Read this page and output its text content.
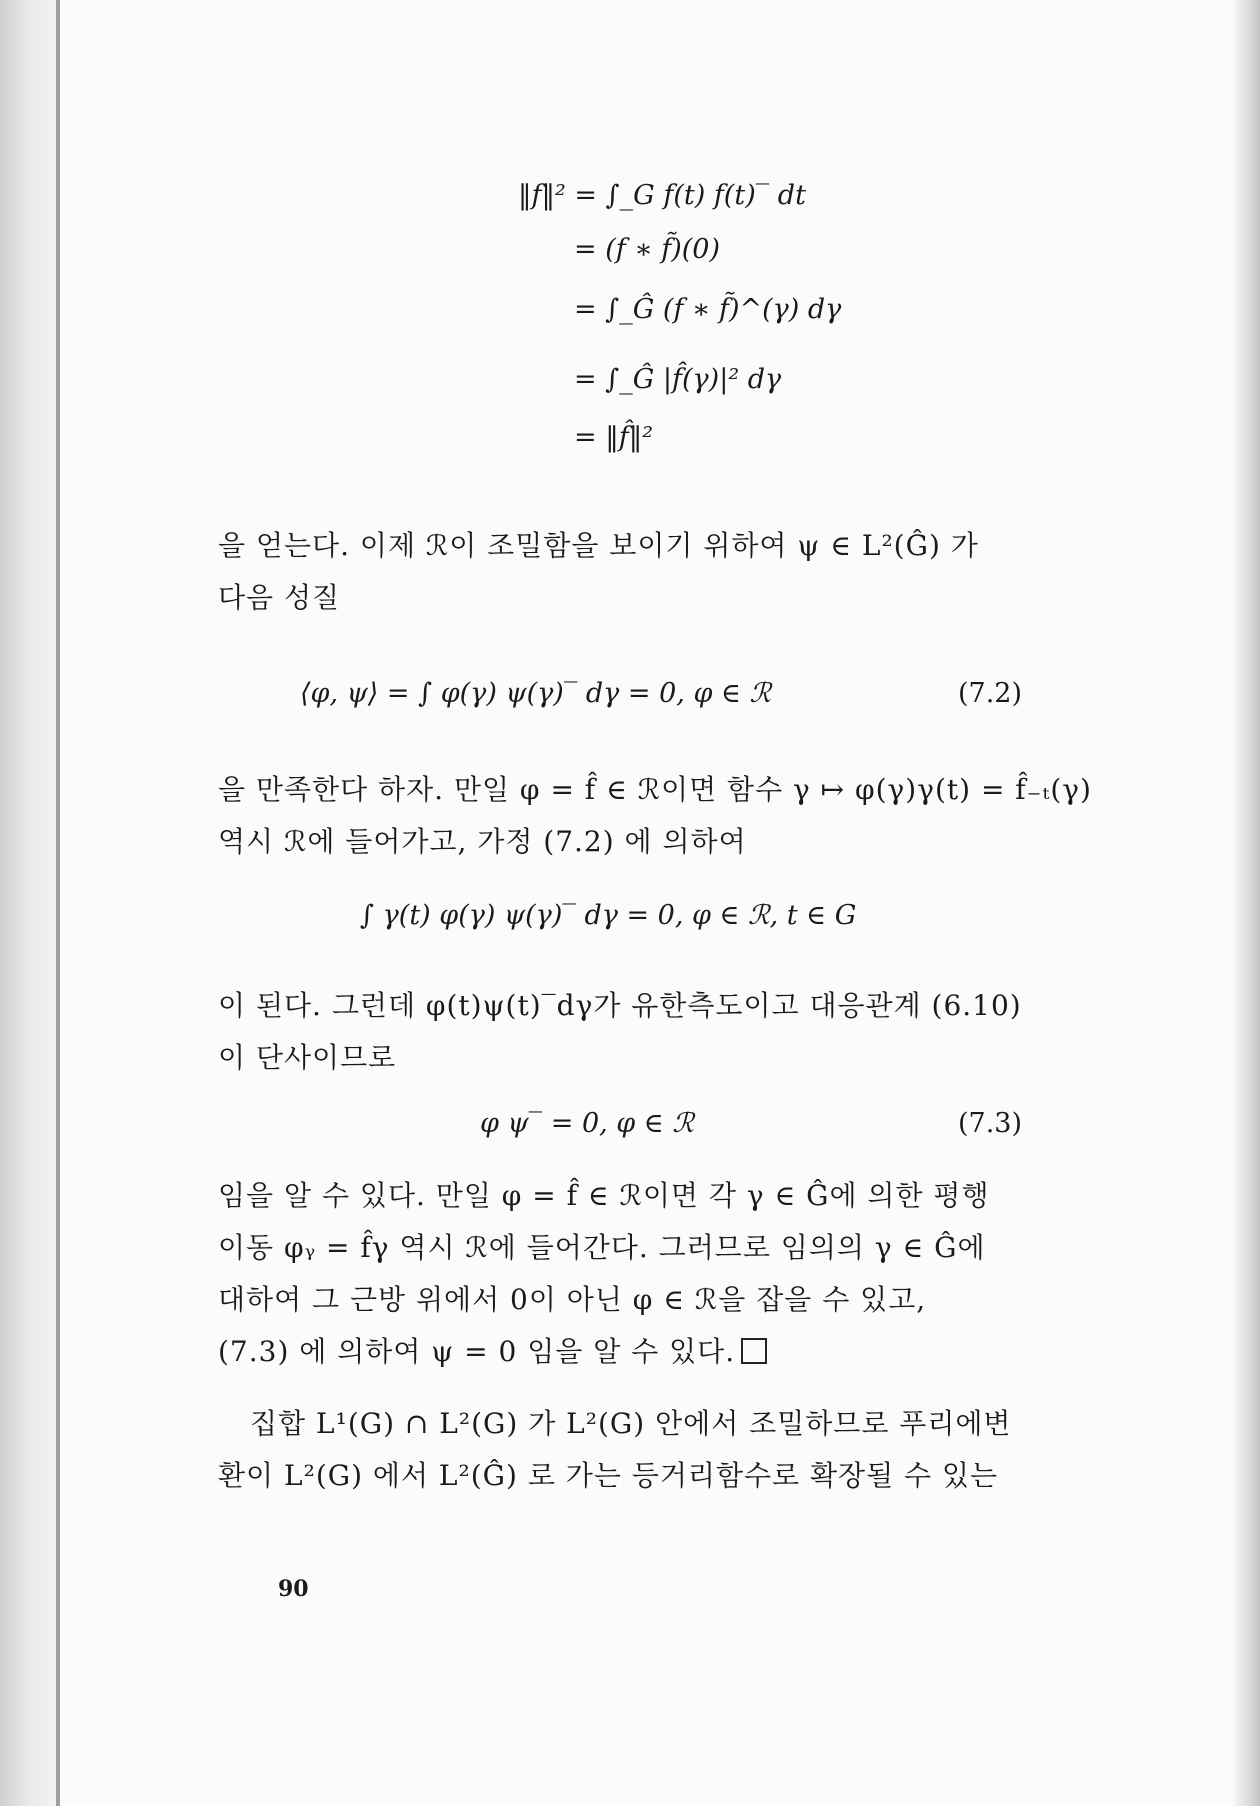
‖f‖² = ∫_G f(t) f(t)‾ dt
= (f ∗ f̃)(0)
= ∫_Ĝ (f ∗ f̃)^(γ) dγ
= ∫_Ĝ |f̂(γ)|² dγ
= ‖f̂‖²
을 얻는다. 이제 ℛ이 조밀함을 보이기 위하여 ψ ∈ L²(Ĝ) 가
다음 성질
⟨φ, ψ⟩ = ∫ φ(γ) ψ(γ)‾ dγ = 0, φ ∈ ℛ	(7.2)
을 만족한다 하자. 만일 φ = f̂ ∈ ℛ이면 함수 γ ↦ φ(γ)γ(t) = f̂₋ₜ(γ)
역시 ℛ에 들어가고, 가정 (7.2) 에 의하여
∫ γ(t) φ(γ) ψ(γ)‾ dγ = 0, φ ∈ ℛ, t ∈ G
이 된다. 그런데 φ(t)ψ(t)‾dγ가 유한측도이고 대응관계 (6.10)
이 단사이므로
φ ψ‾ = 0, φ ∈ ℛ	(7.3)
임을 알 수 있다. 만일 φ = f̂ ∈ ℛ이면 각 γ ∈ Ĝ에 의한 평행
이동 φᵧ = f̂γ 역시 ℛ에 들어간다. 그러므로 임의의 γ ∈ Ĝ에
대하여 그 근방 위에서 0이 아닌 φ ∈ ℛ을 잡을 수 있고,
(7.3) 에 의하여 ψ = 0 임을 알 수 있다.
집합 L¹(G) ∩ L²(G) 가 L²(G) 안에서 조밀하므로 푸리에변
환이 L²(G) 에서 L²(Ĝ) 로 가는 등거리함수로 확장될 수 있는
90
